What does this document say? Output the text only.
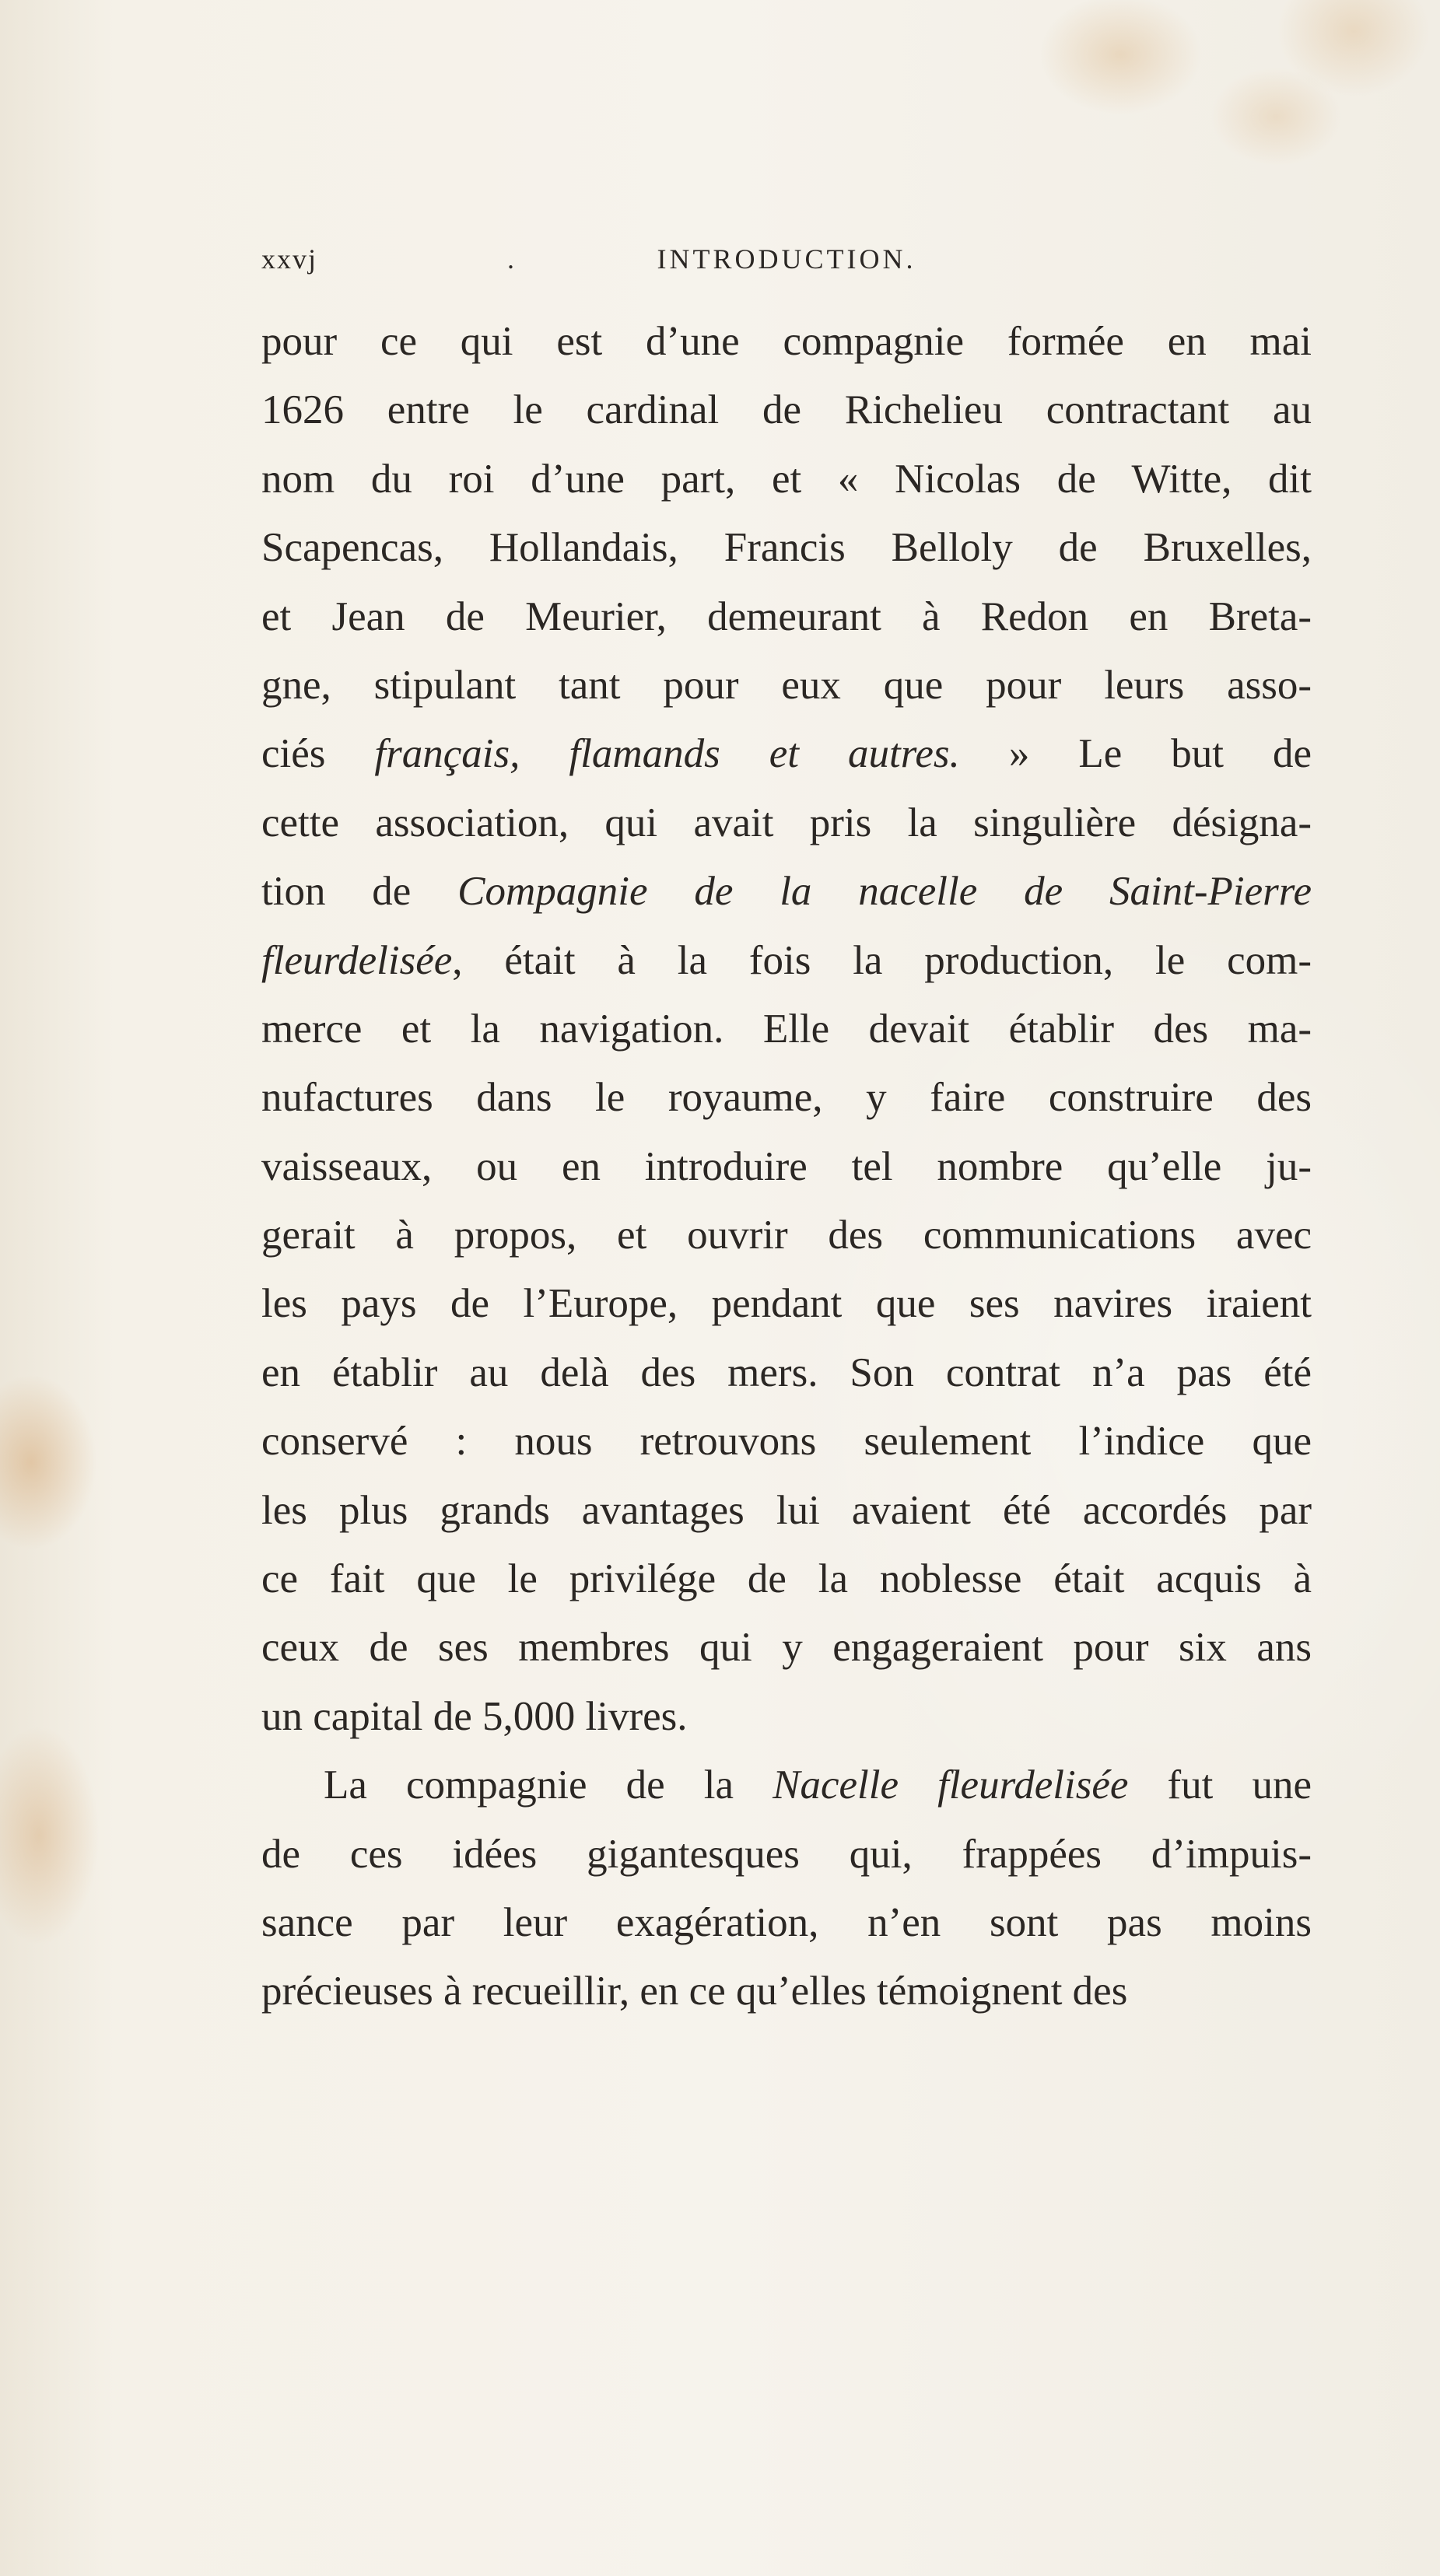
xxvj	.	INTRODUCTION.
pour ce qui est d’une compagnie formée en mai
1626 entre le cardinal de Richelieu contractant au
nom du roi d’une part, et « Nicolas de Witte, dit
Scapencas, Hollandais, Francis Belloly de Bruxelles,
et Jean de Meurier, demeurant à Redon en Breta-
gne, stipulant tant pour eux que pour leurs asso-
ciés français, flamands et autres. » Le but de
cette association, qui avait pris la singulière désigna-
tion de Compagnie de la nacelle de Saint-Pierre
fleurdelisée, était à la fois la production, le com-
merce et la navigation. Elle devait établir des ma-
nufactures dans le royaume, y faire construire des
vaisseaux, ou en introduire tel nombre qu’elle ju-
gerait à propos, et ouvrir des communications avec
les pays de l’Europe, pendant que ses navires iraient
en établir au delà des mers. Son contrat n’a pas été
conservé : nous retrouvons seulement l’indice que
les plus grands avantages lui avaient été accordés par
ce fait que le privilége de la noblesse était acquis à
ceux de ses membres qui y engageraient pour six ans
un capital de 5,000 livres.
La compagnie de la Nacelle fleurdelisée fut une
de ces idées gigantesques qui, frappées d’impuis-
sance par leur exagération, n’en sont pas moins
précieuses à recueillir, en ce qu’elles témoignent des
